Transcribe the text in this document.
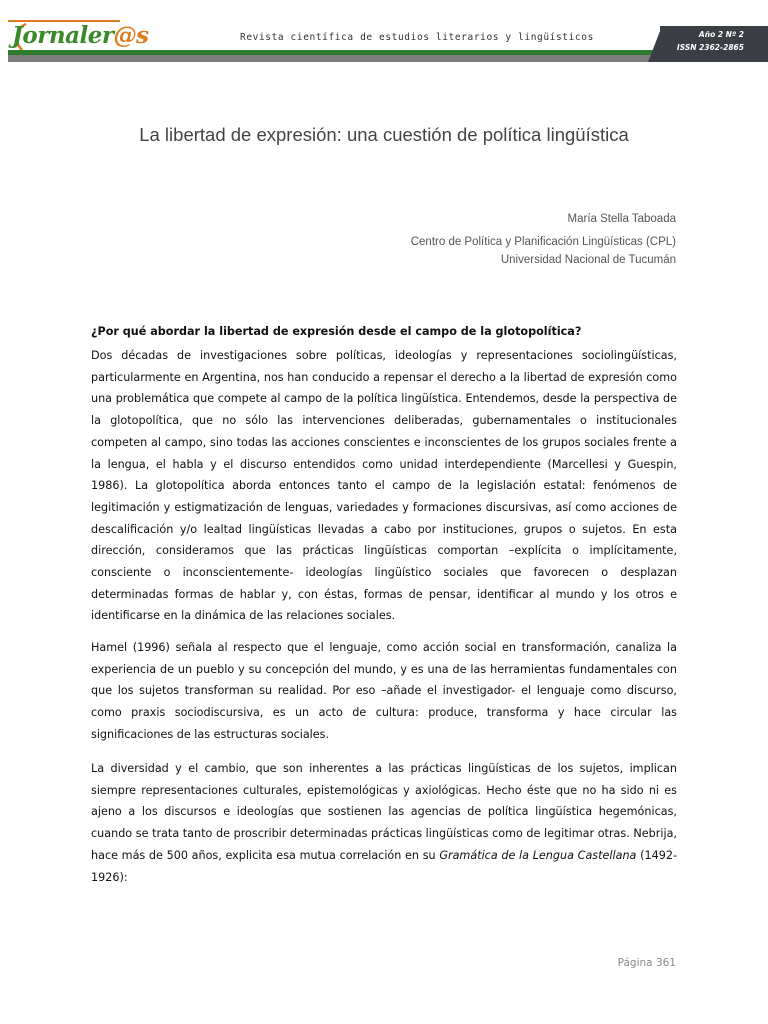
Jornaler@s	Revista científica de estudios literarios y lingüísticos	Año 2 Nº 2
ISSN 2362-2865
La libertad de expresión: una cuestión de política lingüística
María Stella Taboada
Centro de Política y Planificación Lingüísticas (CPL)
Universidad Nacional de Tucumán

¿Por qué abordar la libertad de expresión desde el campo de la glotopolítica?

Dos décadas de investigaciones sobre políticas, ideologías y representaciones sociolingüísticas, particularmente en Argentina, nos han conducido a repensar el derecho a la libertad de expresión como una problemática que compete al campo de la política lingüística. Entendemos, desde la perspectiva de la glotopolítica, que no sólo las intervenciones deliberadas, gubernamentales o institucionales competen al campo, sino todas las acciones conscientes e inconscientes de los grupos sociales frente a la lengua, el habla y el discurso entendidos como unidad interdependiente (Marcellesi y Guespin, 1986). La glotopolítica aborda entonces tanto el campo de la legislación estatal: fenómenos de legitimación y estigmatización de lenguas, variedades y formaciones discursivas, así como acciones de descalificación y/o lealtad lingüísticas llevadas a cabo por instituciones, grupos o sujetos. En esta dirección, consideramos que las prácticas lingüísticas comportan –explícita o implícitamente, consciente o inconscientemente- ideologías lingüístico sociales que favorecen o desplazan determinadas formas de hablar y, con éstas, formas de pensar, identificar al mundo y los otros e identificarse en la dinámica de las relaciones sociales.

Hamel (1996) señala al respecto que el lenguaje, como acción social en transformación, canaliza la experiencia de un pueblo y su concepción del mundo, y es una de las herramientas fundamentales con que los sujetos transforman su realidad. Por eso –añade el investigador- el lenguaje como discurso, como praxis sociodiscursiva, es un acto de cultura: produce, transforma y hace circular las significaciones de las estructuras sociales.

La diversidad y el cambio, que son inherentes a las prácticas lingüísticas de los sujetos, implican siempre representaciones culturales, epistemológicas y axiológicas. Hecho éste que no ha sido ni es ajeno a los discursos e ideologías que sostienen las agencias de política lingüística hegemónicas, cuando se trata tanto de proscribir determinadas prácticas lingüísticas como de legitimar otras. Nebrija, hace más de 500 años, explicita esa mutua correlación en su Gramática de la Lengua Castellana (1492-1926):

Página 361
